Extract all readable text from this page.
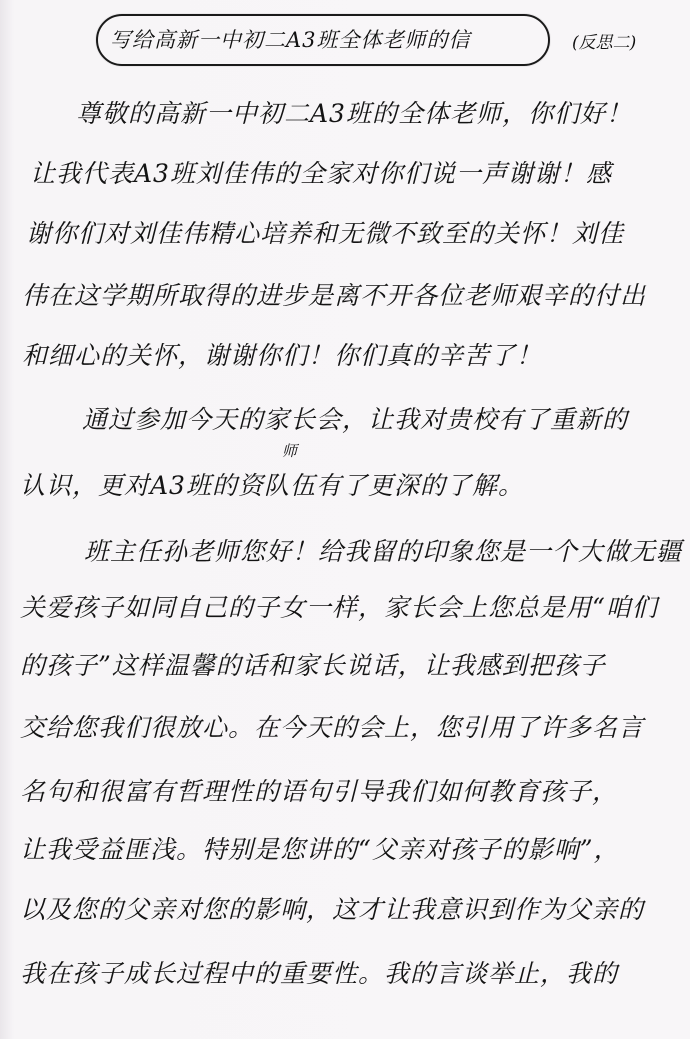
写给高新一中初二A3班全体老师的信	(反思二)
尊敬的高新一中初二A3班的全体老师，你们好！
让我代表A3班刘佳伟的全家对你们说一声谢谢！感
谢你们对刘佳伟精心培养和无微不致至的关怀！刘佳
伟在这学期所取得的进步是离不开各位老师艰辛的付出
和细心的关怀，谢谢你们！你们真的辛苦了！
通过参加今天的家长会，让我对贵校有了重新的
师
认识，更对A3班的资队伍有了更深的了解。
班主任孙老师您好！给我留的印象您是一个大做无疆
关爱孩子如同自己的子女一样，家长会上您总是用“咱们
的孩子”这样温馨的话和家长说话，让我感到把孩子
交给您我们很放心。在今天的会上，您引用了许多名言
名句和很富有哲理性的语句引导我们如何教育孩子，
让我受益匪浅。特别是您讲的“父亲对孩子的影响”，
以及您的父亲对您的影响，这才让我意识到作为父亲的
我在孩子成长过程中的重要性。我的言谈举止，我的
